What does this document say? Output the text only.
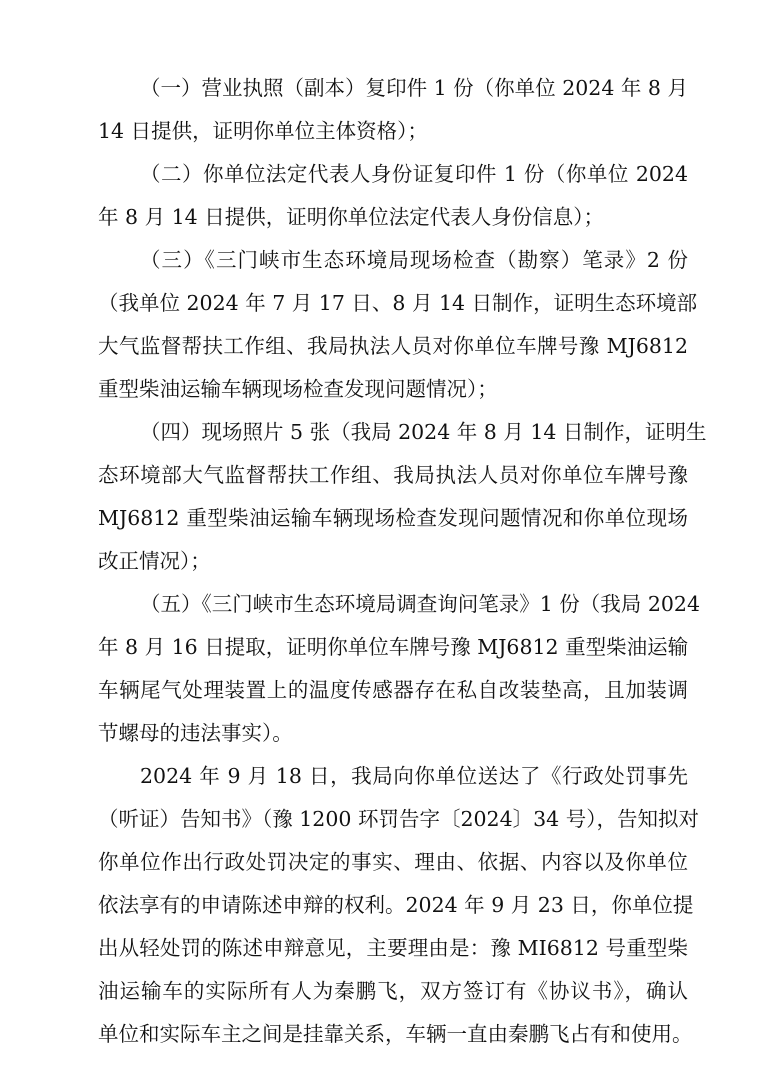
（一）营业执照（副本）复印件 1 份（你单位 2024 年 8 月
14 日提供，证明你单位主体资格）；
（二）你单位法定代表人身份证复印件 1 份（你单位 2024
年 8 月 14 日提供，证明你单位法定代表人身份信息）；
（三）《三门峡市生态环境局现场检查（勘察）笔录》2 份
（我单位 2024 年 7 月 17 日、8 月 14 日制作，证明生态环境部
大气监督帮扶工作组、我局执法人员对你单位车牌号豫 MJ6812
重型柴油运输车辆现场检查发现问题情况）；
（四）现场照片 5 张（我局 2024 年 8 月 14 日制作，证明生
态环境部大气监督帮扶工作组、我局执法人员对你单位车牌号豫
MJ6812 重型柴油运输车辆现场检查发现问题情况和你单位现场
改正情况）；
（五）《三门峡市生态环境局调查询问笔录》1 份（我局 2024
年 8 月 16 日提取，证明你单位车牌号豫 MJ6812 重型柴油运输
车辆尾气处理装置上的温度传感器存在私自改装垫高，且加装调
节螺母的违法事实）。
2024 年 9 月 18 日，我局向你单位送达了《行政处罚事先
（听证）告知书》（豫 1200 环罚告字〔2024〕34 号），告知拟对
你单位作出行政处罚决定的事实、理由、依据、内容以及你单位
依法享有的申请陈述申辩的权利。2024 年 9 月 23 日，你单位提
出从轻处罚的陈述申辩意见，主要理由是：豫 MI6812 号重型柴
油运输车的实际所有人为秦鹏飞，双方签订有《协议书》，确认
单位和实际车主之间是挂靠关系，车辆一直由秦鹏飞占有和使用。
